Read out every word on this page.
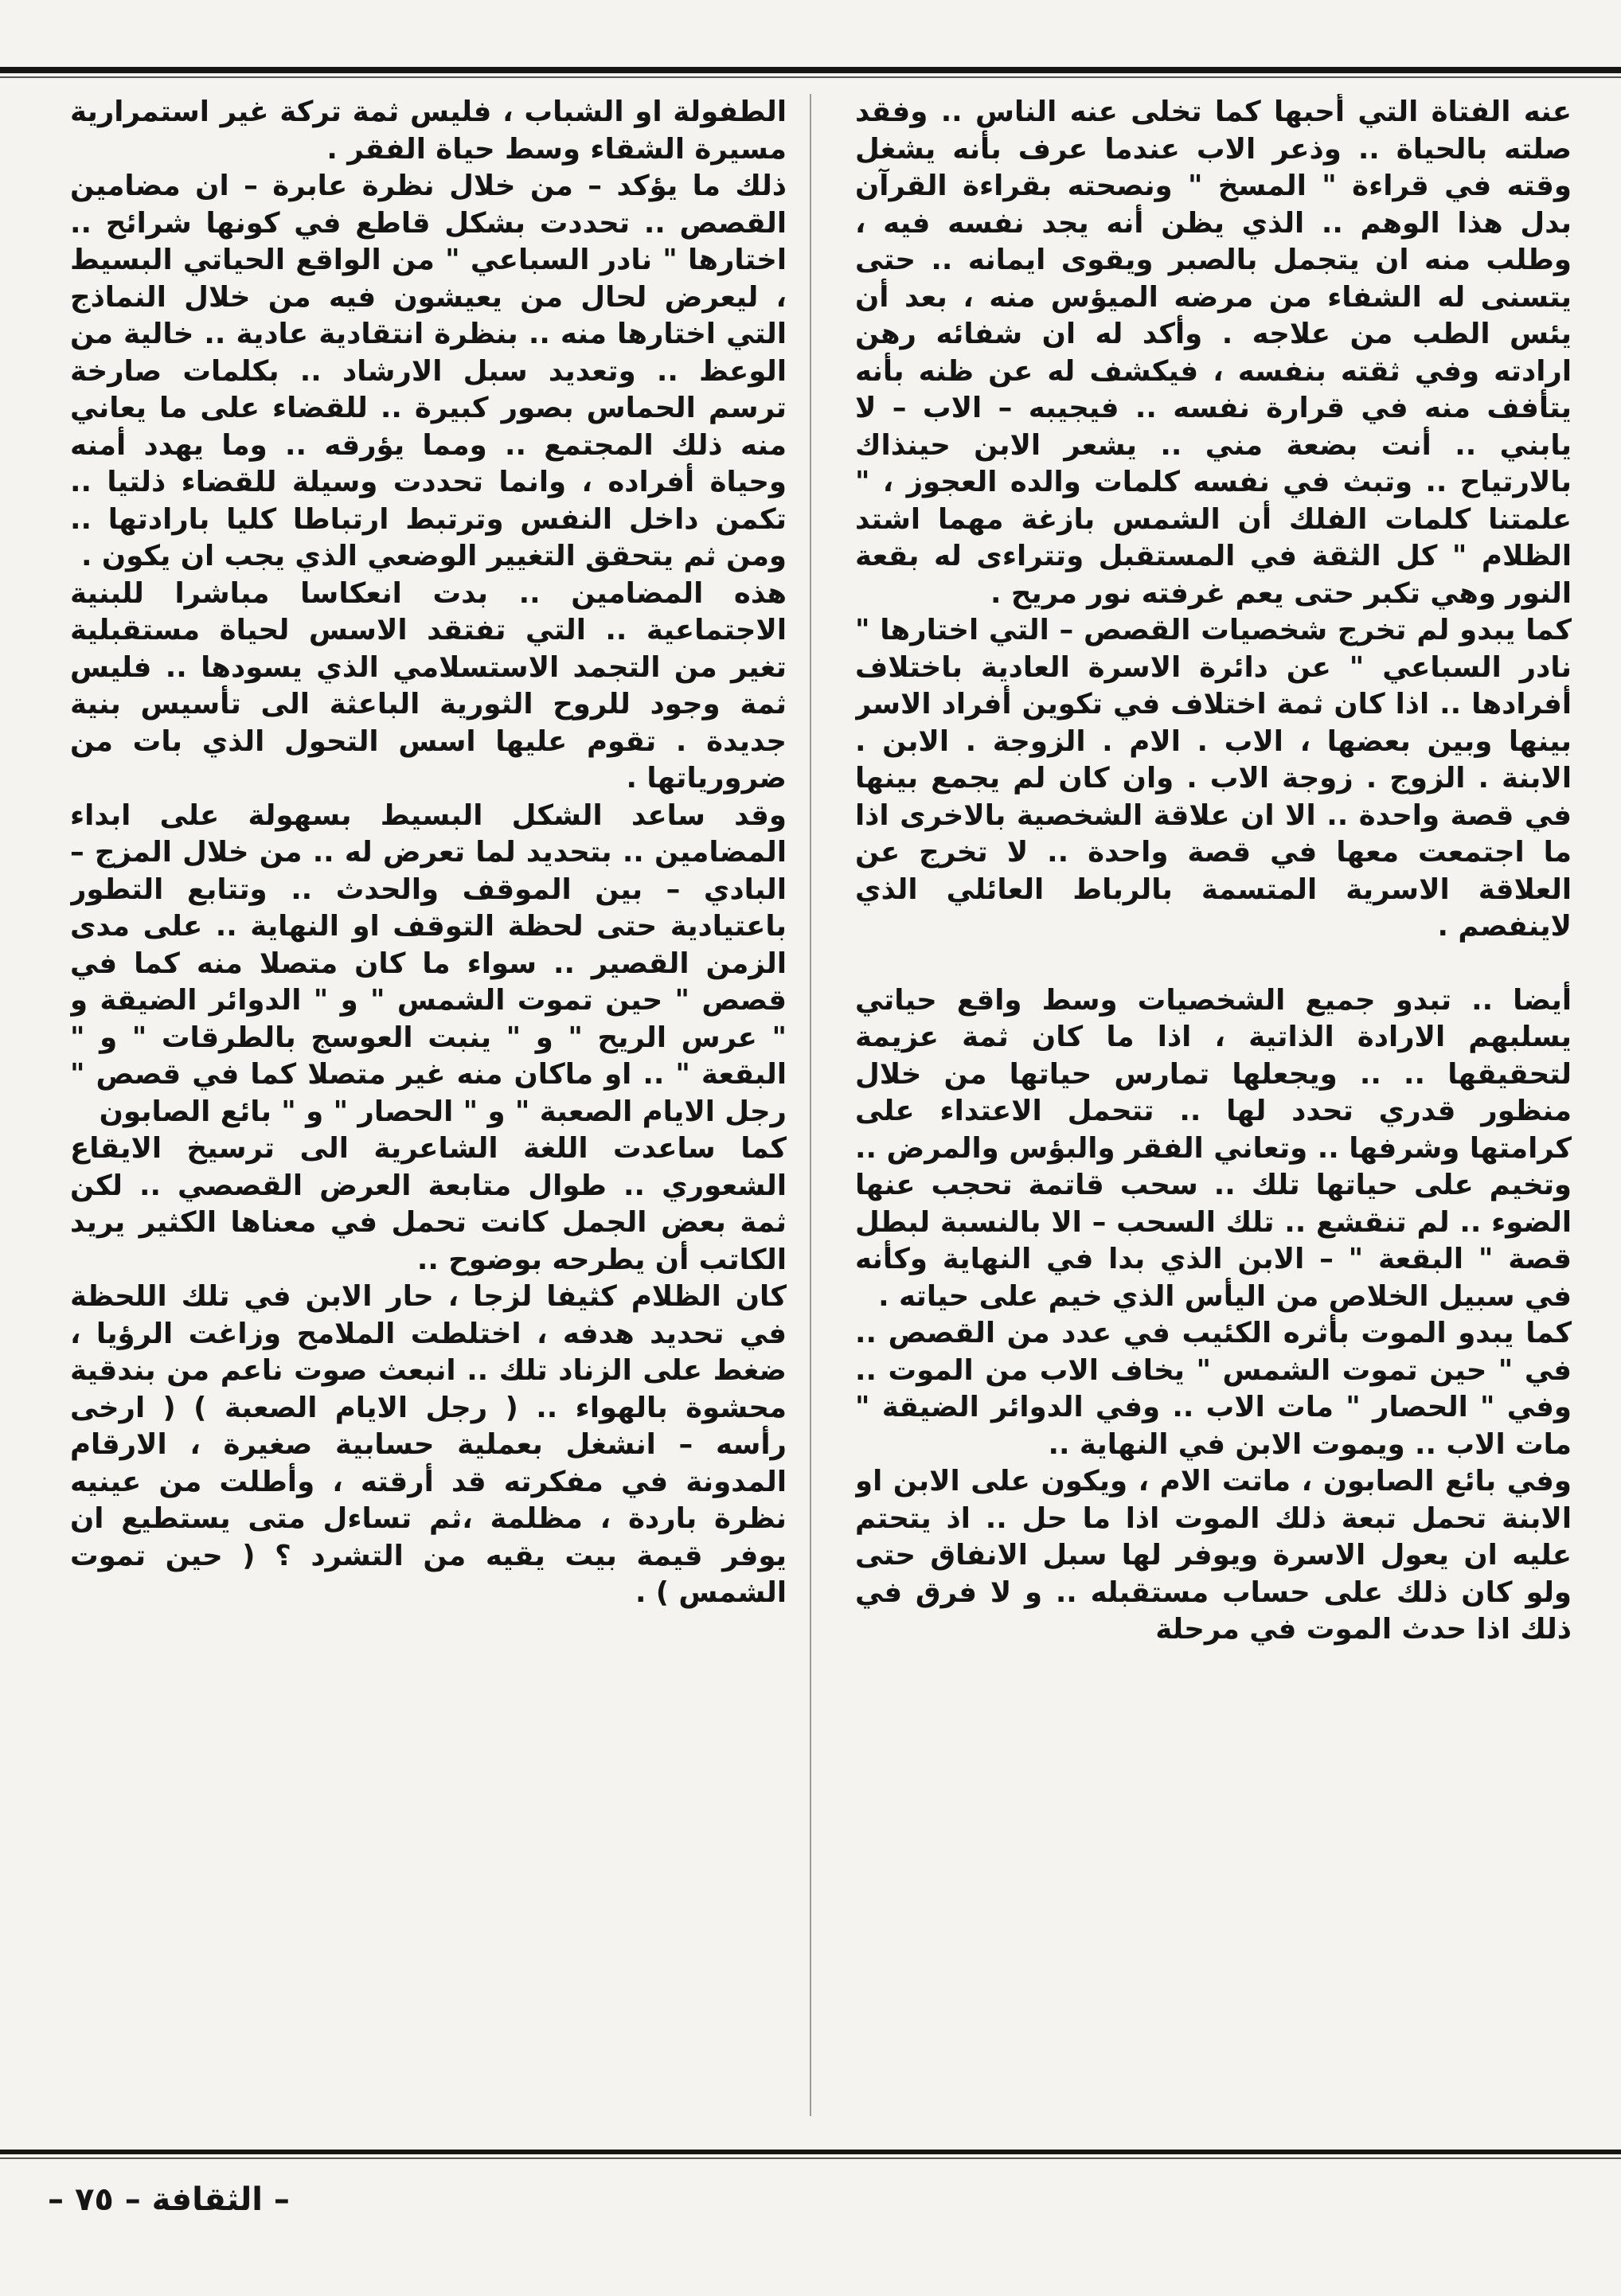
عنه الفتاة التي أحبها كما تخلى عنه الناس .. وفقد صلته بالحياة .. وذعر الاب عندما عرف بأنه يشغل وقته في قراءة " المسخ " ونصحته بقراءة القرآن بدل هذا الوهم .. الذي يظن أنه يجد نفسه فيه ، وطلب منه ان يتجمل بالصبر ويقوى ايمانه .. حتى يتسنى له الشفاء من مرضه الميؤس منه ، بعد أن يئس الطب من علاجه . وأكد له ان شفائه رهن ارادته وفي ثقته بنفسه ، فيكشف له عن ظنه بأنه يتأفف منه في قرارة نفسه .. فيجيبه – الاب – لا يابني .. أنت بضعة مني .. يشعر الابن حينذاك بالارتياح .. وتبث في نفسه كلمات والده العجوز ، " علمتنا كلمات الفلك أن الشمس بازغة مهما اشتد الظلام " كل الثقة في المستقبل وتتراءى له بقعة النور وهي تكبر حتى يعم غرفته نور مريح .

كما يبدو لم تخرج شخصيات القصص – التي اختارها " نادر السباعي " عن دائرة الاسرة العادية باختلاف أفرادها .. اذا كان ثمة اختلاف في تكوين أفراد الاسر بينها وبين بعضها ، الاب . الام . الزوجة . الابن . الابنة . الزوج . زوجة الاب . وان كان لم يجمع بينها في قصة واحدة .. الا ان علاقة الشخصية بالاخرى اذا ما اجتمعت معها في قصة واحدة .. لا تخرج عن العلاقة الاسرية المتسمة بالرباط العائلي الذي لاينفصم .

أيضا .. تبدو جميع الشخصيات وسط واقع حياتي يسلبهم الارادة الذاتية ، اذا ما كان ثمة عزيمة لتحقيقها .. .. ويجعلها تمارس حياتها من خلال منظور قدري تحدد لها .. تتحمل الاعتداء على كرامتها وشرفها .. وتعاني الفقر والبؤس والمرض .. وتخيم على حياتها تلك .. سحب قاتمة تحجب عنها الضوء .. لم تنقشع .. تلك السحب – الا بالنسبة لبطل قصة " البقعة " – الابن الذي بدا في النهاية وكأنه في سبيل الخلاص من اليأس الذي خيم على حياته .

كما يبدو الموت بأثره الكئيب في عدد من القصص .. في " حين تموت الشمس " يخاف الاب من الموت .. وفي " الحصار " مات الاب .. وفي الدوائر الضيقة " مات الاب .. ويموت الابن في النهاية ..

وفي بائع الصابون ، ماتت الام ، ويكون على الابن او الابنة تحمل تبعة ذلك الموت اذا ما حل .. اذ يتحتم عليه ان يعول الاسرة ويوفر لها سبل الانفاق حتى ولو كان ذلك على حساب مستقبله .. و لا فرق في ذلك اذا حدث الموت في مرحلة

الطفولة او الشباب ، فليس ثمة تركة غير استمرارية مسيرة الشقاء وسط حياة الفقر .

ذلك ما يؤكد – من خلال نظرة عابرة – ان مضامين القصص .. تحددت بشكل قاطع في كونها شرائح .. اختارها " نادر السباعي " من الواقع الحياتي البسيط ، ليعرض لحال من يعيشون فيه من خلال النماذج التي اختارها منه .. بنظرة انتقادية عادية .. خالية من الوعظ .. وتعديد سبل الارشاد .. بكلمات صارخة ترسم الحماس بصور كبيرة .. للقضاء على ما يعاني منه ذلك المجتمع .. ومما يؤرقه .. وما يهدد أمنه وحياة أفراده ، وانما تحددت وسيلة للقضاء ذلتيا .. تكمن داخل النفس وترتبط ارتباطا كليا بارادتها .. ومن ثم يتحقق التغيير الوضعي الذي يجب ان يكون .

هذه المضامين .. بدت انعكاسا مباشرا للبنية الاجتماعية .. التي تفتقد الاسس لحياة مستقبلية تغير من التجمد الاستسلامي الذي يسودها .. فليس ثمة وجود للروح الثورية الباعثة الى تأسيس بنية جديدة . تقوم عليها اسس التحول الذي بات من ضرورياتها .

وقد ساعد الشكل البسيط بسهولة على ابداء المضامين .. بتحديد لما تعرض له .. من خلال المزج – البادي – بين الموقف والحدث .. وتتابع التطور باعتيادية حتى لحظة التوقف او النهاية .. على مدى الزمن القصير .. سواء ما كان متصلا منه كما في قصص " حين تموت الشمس " و " الدوائر الضيقة و " عرس الريح " و " ينبت العوسج بالطرقات " و " البقعة " .. او ماكان منه غير متصلا كما في قصص " رجل الايام الصعبة " و " الحصار " و " بائع الصابون

كما ساعدت اللغة الشاعرية الى ترسيخ الايقاع الشعوري .. طوال متابعة العرض القصصي .. لكن ثمة بعض الجمل كانت تحمل في معناها الكثير يريد الكاتب أن يطرحه بوضوح ..

كان الظلام كثيفا لزجا ، حار الابن في تلك اللحظة في تحديد هدفه ، اختلطت الملامح وزاغت الرؤيا ، ضغط على الزناد تلك .. انبعث صوت ناعم من بندقية محشوة بالهواء .. ( رجل الايام الصعبة ) ( ارخى رأسه – انشغل بعملية حسابية صغيرة ، الارقام المدونة في مفكرته قد أرقته ، وأطلت من عينيه نظرة باردة ، مظلمة ،ثم تساءل متى يستطيع ان يوفر قيمة بيت يقيه من التشرد ؟ ( حين تموت الشمس ) .

– الثقافة – ٧٥ –
